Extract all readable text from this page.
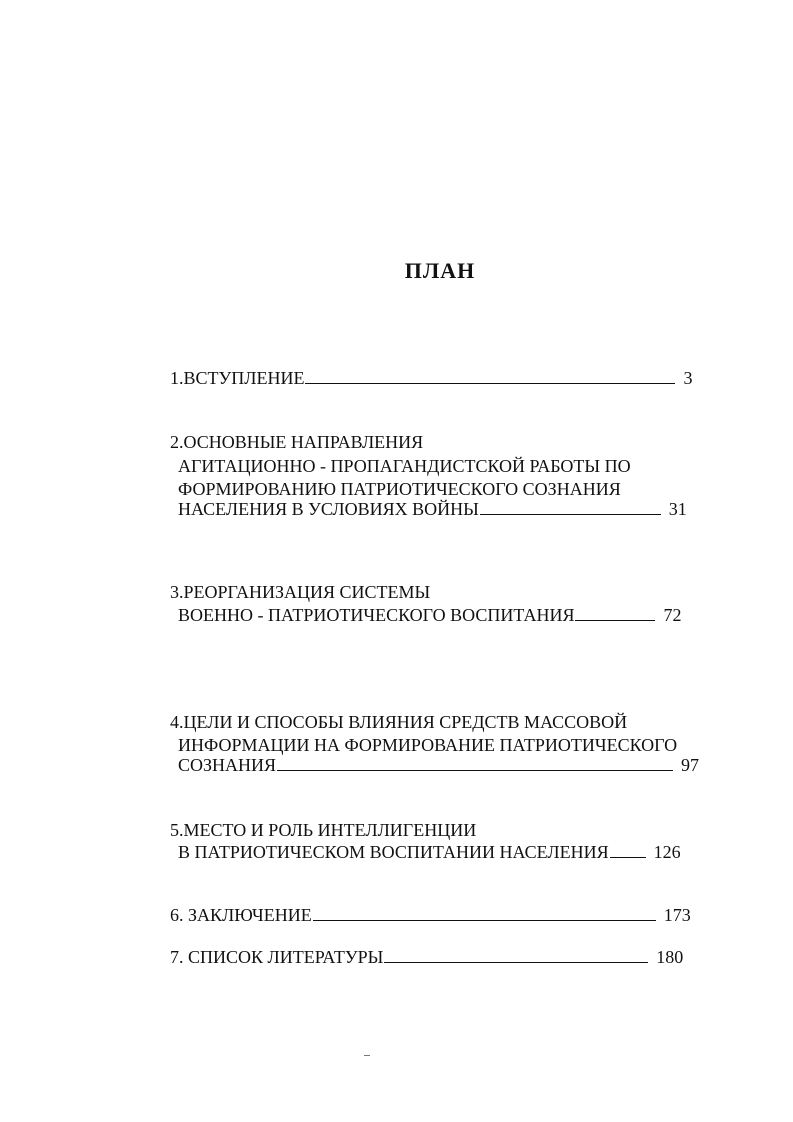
ПЛАН
1.ВСТУПЛЕНИЕ	3
2.ОСНОВНЫЕ НАПРАВЛЕНИЯ
АГИТАЦИОННО - ПРОПАГАНДИСТСКОЙ РАБОТЫ ПО
ФОРМИРОВАНИЮ ПАТРИОТИЧЕСКОГО СОЗНАНИЯ
НАСЕЛЕНИЯ В УСЛОВИЯХ ВОЙНЫ	31
3.РЕОРГАНИЗАЦИЯ СИСТЕМЫ
ВОЕННО - ПАТРИОТИЧЕСКОГО ВОСПИТАНИЯ	72
4.ЦЕЛИ И СПОСОБЫ ВЛИЯНИЯ СРЕДСТВ МАССОВОЙ
ИНФОРМАЦИИ НА ФОРМИРОВАНИЕ ПАТРИОТИЧЕСКОГО
СОЗНАНИЯ	97
5.МЕСТО И РОЛЬ ИНТЕЛЛИГЕНЦИИ
В ПАТРИОТИЧЕСКОМ ВОСПИТАНИИ НАСЕЛЕНИЯ	126
6. ЗАКЛЮЧЕНИЕ	173
7. СПИСОК ЛИТЕРАТУРЫ	180
